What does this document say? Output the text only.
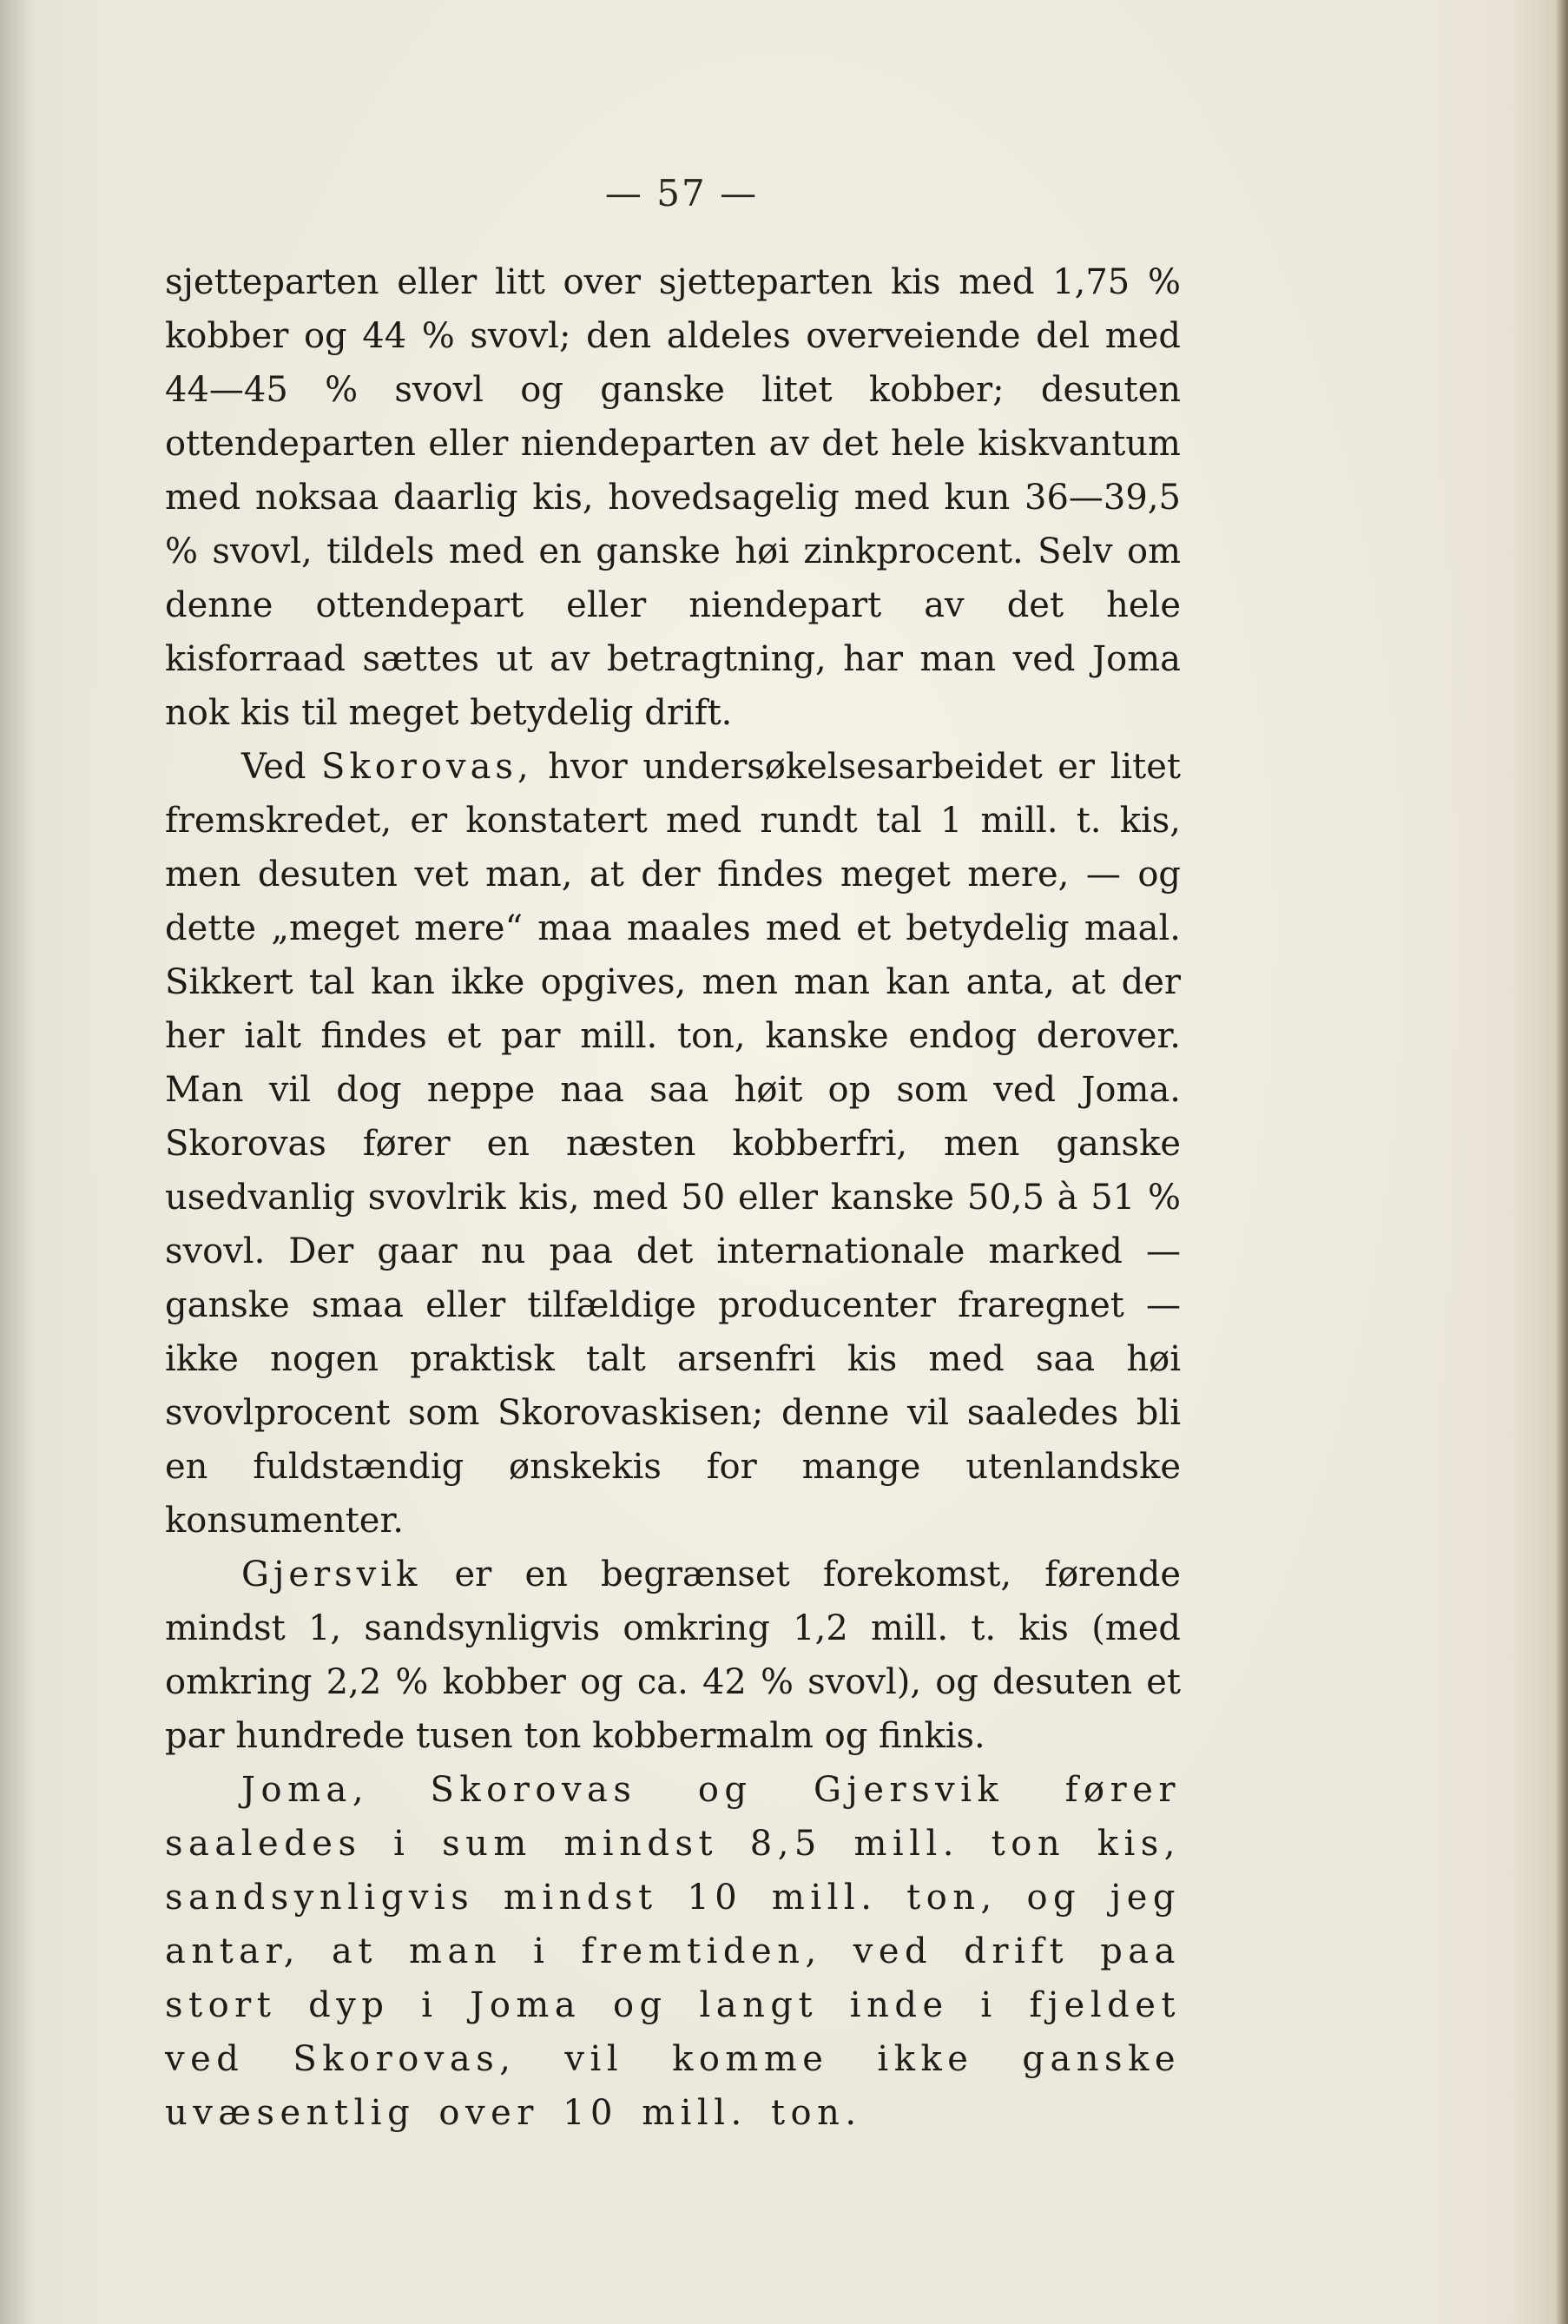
— 57 —

sjetteparten eller litt over sjetteparten kis med 1,75 % kobber og 44 % svovl; den aldeles overveiende del med 44—45 % svovl og ganske litet kobber; desuten ottendeparten eller niendeparten av det hele kiskvantum med noksaa daarlig kis, hovedsagelig med kun 36—39,5 % svovl, tildels med en ganske høi zinkprocent. Selv om denne ottendepart eller niendepart av det hele kisforraad sættes ut av betragtning, har man ved Joma nok kis til meget betydelig drift.

Ved Skorovas, hvor undersøkelsesarbeidet er litet fremskredet, er konstatert med rundt tal 1 mill. t. kis, men desuten vet man, at der findes meget mere, — og dette „meget mere“ maa maales med et betydelig maal. Sikkert tal kan ikke opgives, men man kan anta, at der her ialt findes et par mill. ton, kanske endog derover. Man vil dog neppe naa saa høit op som ved Joma. Skorovas fører en næsten kobberfri, men ganske usedvanlig svovlrik kis, med 50 eller kanske 50,5 à 51 % svovl. Der gaar nu paa det internationale marked — ganske smaa eller tilfældige producenter fraregnet — ikke nogen praktisk talt arsenfri kis med saa høi svovlprocent som Skorovaskisen; denne vil saaledes bli en fuldstændig ønskekis for mange utenlandske konsumenter.

Gjersvik er en begrænset forekomst, førende mindst 1, sandsynligvis omkring 1,2 mill. t. kis (med omkring 2,2 % kobber og ca. 42 % svovl), og desuten et par hundrede tusen ton kobbermalm og finkis.

Joma, Skorovas og Gjersvik fører saaledes i sum mindst 8,5 mill. ton kis, sandsynligvis mindst 10 mill. ton, og jeg antar, at man i fremtiden, ved drift paa stort dyp i Joma og langt inde i fjeldet ved Skorovas, vil komme ikke ganske uvæsentlig over 10 mill. ton.
